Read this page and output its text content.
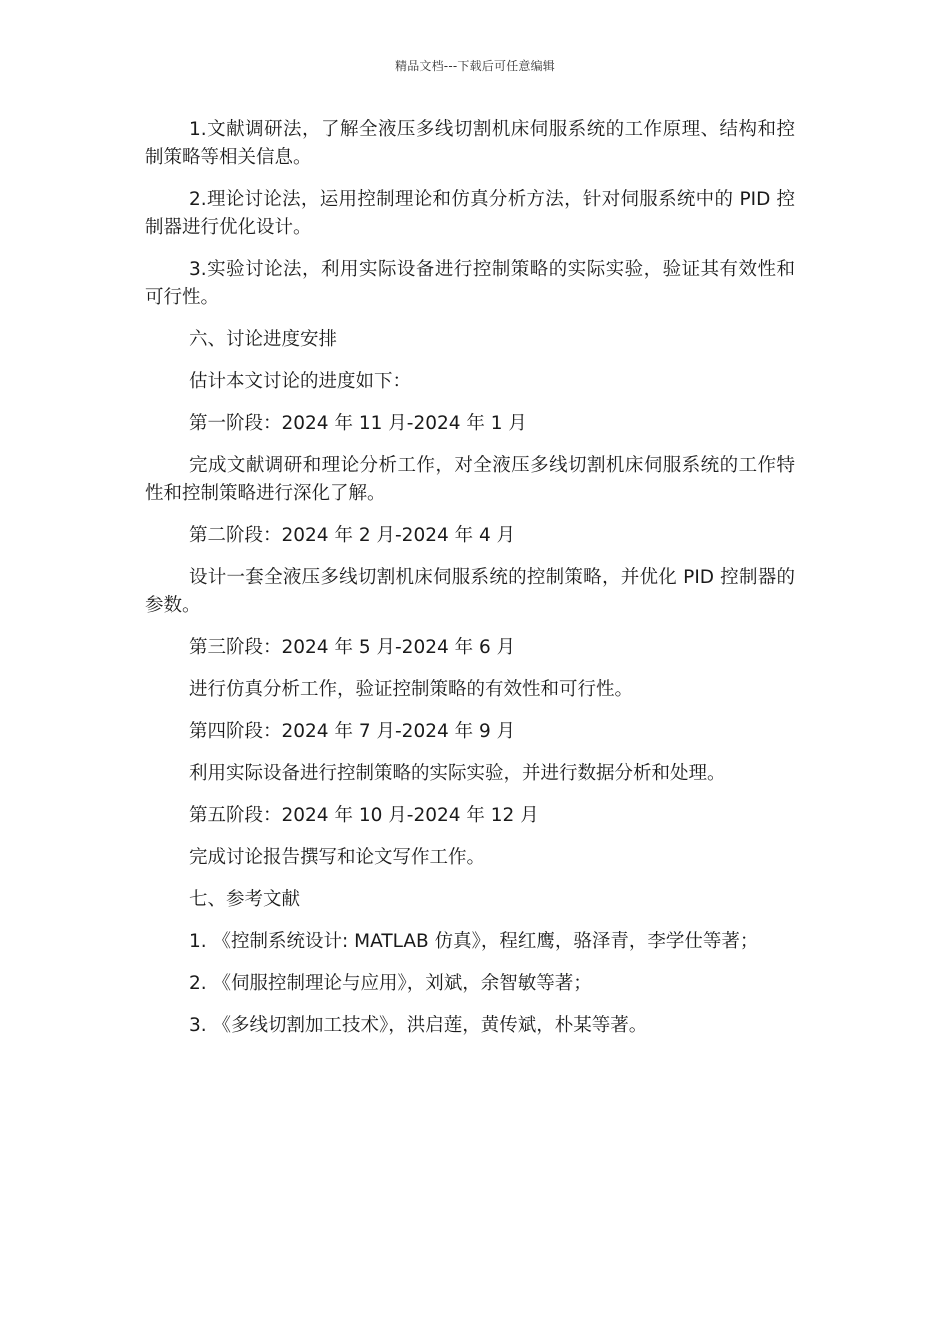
精品文档---下载后可任意编辑

1.文献调研法，了解全液压多线切割机床伺服系统的工作原理、结构和控制策略等相关信息。

2.理论讨论法，运用控制理论和仿真分析方法，针对伺服系统中的 PID 控制器进行优化设计。

3.实验讨论法，利用实际设备进行控制策略的实际实验，验证其有效性和可行性。

六、讨论进度安排

估计本文讨论的进度如下：

第一阶段：2024 年 11 月-2024 年 1 月

完成文献调研和理论分析工作，对全液压多线切割机床伺服系统的工作特性和控制策略进行深化了解。

第二阶段：2024 年 2 月-2024 年 4 月

设计一套全液压多线切割机床伺服系统的控制策略，并优化 PID 控制器的参数。

第三阶段：2024 年 5 月-2024 年 6 月

进行仿真分析工作，验证控制策略的有效性和可行性。

第四阶段：2024 年 7 月-2024 年 9 月

利用实际设备进行控制策略的实际实验，并进行数据分析和处理。

第五阶段：2024 年 10 月-2024 年 12 月

完成讨论报告撰写和论文写作工作。

七、参考文献

1. 《控制系统设计: MATLAB 仿真》，程红鹰，骆泽青，李学仕等著；

2. 《伺服控制理论与应用》，刘斌，余智敏等著；

3. 《多线切割加工技术》，洪启莲，黄传斌，朴某等著。
